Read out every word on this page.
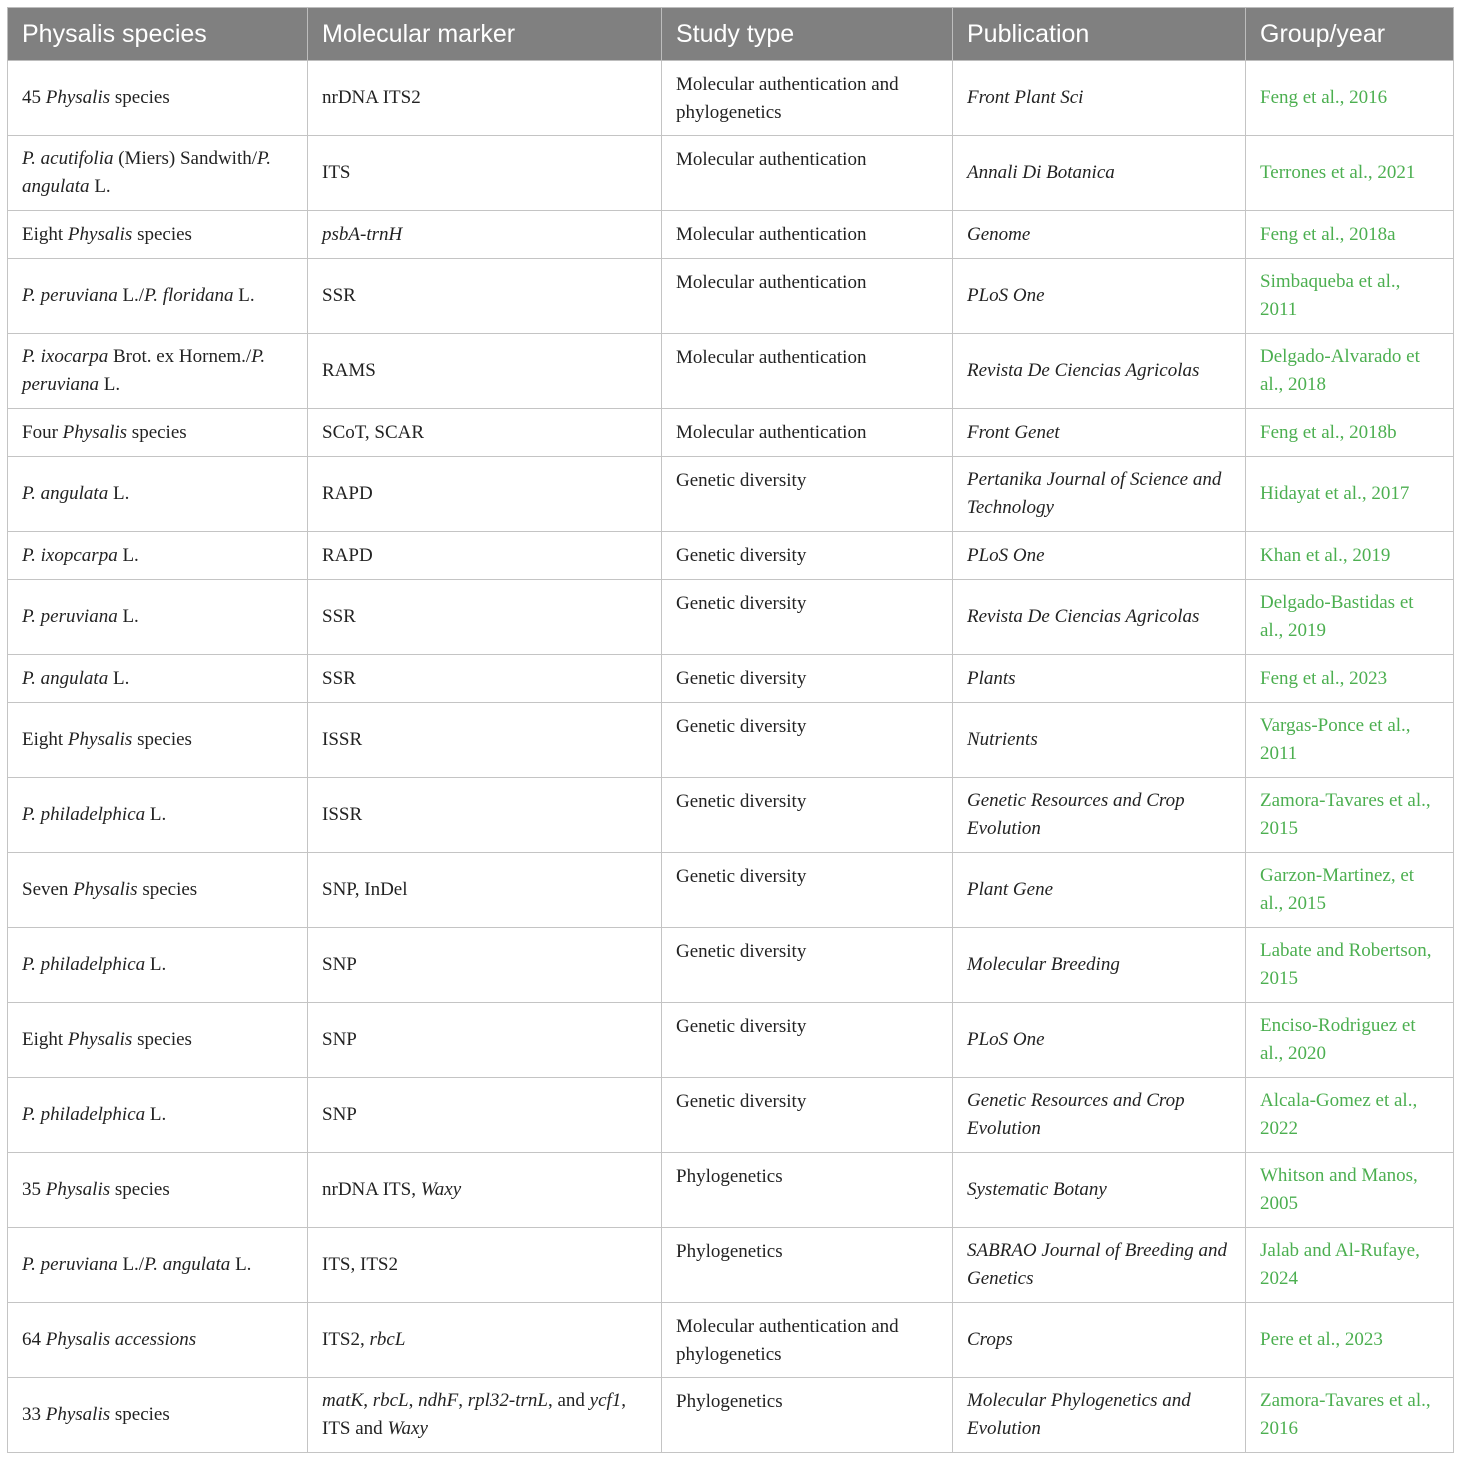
Physalis species	Molecular marker	Study type	Publication	Group/year
45 Physalis species	nrDNA ITS2	Molecular authentication and phylogenetics	Front Plant Sci	Feng et al., 2016
P. acutifolia (Miers) Sandwith/P. angulata L.	ITS	Molecular authentication	Annali Di Botanica	Terrones et al., 2021
Eight Physalis species	psbA-trnH	Molecular authentication	Genome	Feng et al., 2018a
P. peruviana L./P. floridana L.	SSR	Molecular authentication	PLoS One	Simbaqueba et al., 2011
P. ixocarpa Brot. ex Hornem./P. peruviana L.	RAMS	Molecular authentication	Revista De Ciencias Agricolas	Delgado-Alvarado et al., 2018
Four Physalis species	SCoT, SCAR	Molecular authentication	Front Genet	Feng et al., 2018b
P. angulata L.	RAPD	Genetic diversity	Pertanika Journal of Science and Technology	Hidayat et al., 2017
P. ixopcarpa L.	RAPD	Genetic diversity	PLoS One	Khan et al., 2019
P. peruviana L.	SSR	Genetic diversity	Revista De Ciencias Agricolas	Delgado-Bastidas et al., 2019
P. angulata L.	SSR	Genetic diversity	Plants	Feng et al., 2023
Eight Physalis species	ISSR	Genetic diversity	Nutrients	Vargas-Ponce et al., 2011
P. philadelphica L.	ISSR	Genetic diversity	Genetic Resources and Crop Evolution	Zamora-Tavares et al., 2015
Seven Physalis species	SNP, InDel	Genetic diversity	Plant Gene	Garzon-Martinez, et al., 2015
P. philadelphica L.	SNP	Genetic diversity	Molecular Breeding	Labate and Robertson, 2015
Eight Physalis species	SNP	Genetic diversity	PLoS One	Enciso-Rodriguez et al., 2020
P. philadelphica L.	SNP	Genetic diversity	Genetic Resources and Crop Evolution	Alcala-Gomez et al., 2022
35 Physalis species	nrDNA ITS, Waxy	Phylogenetics	Systematic Botany	Whitson and Manos, 2005
P. peruviana L./P. angulata L.	ITS, ITS2	Phylogenetics	SABRAO Journal of Breeding and Genetics	Jalab and Al-Rufaye, 2024
64 Physalis accessions	ITS2, rbcL	Molecular authentication and phylogenetics	Crops	Pere et al., 2023
33 Physalis species	matK, rbcL, ndhF, rpl32-trnL, and ycf1, ITS and Waxy	Phylogenetics	Molecular Phylogenetics and Evolution	Zamora-Tavares et al., 2016
